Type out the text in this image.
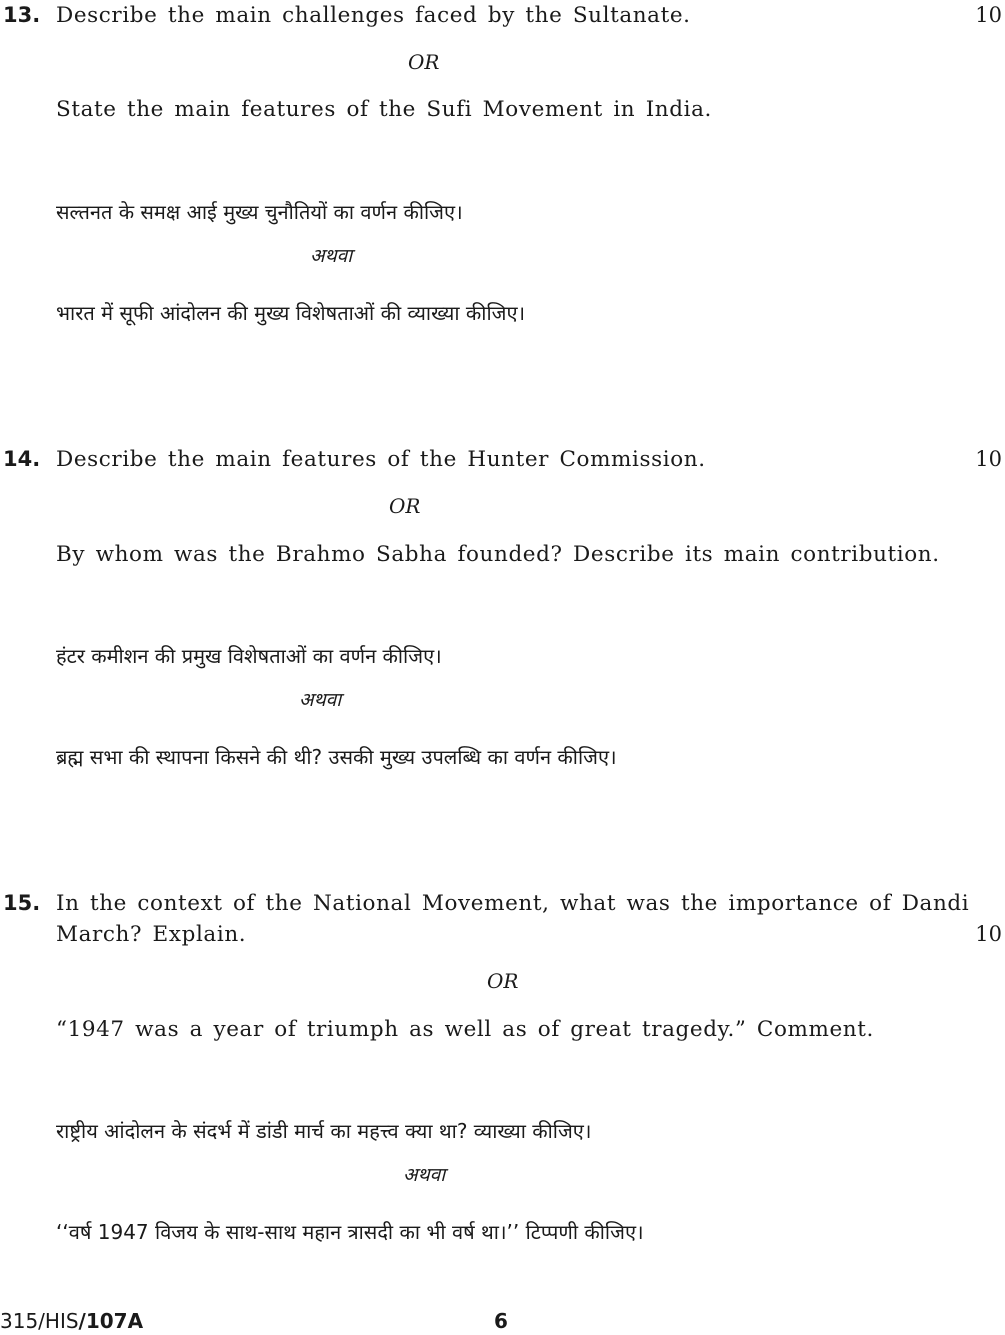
13. Describe the main challenges faced by the Sultanate.	10
OR
State the main features of the Sufi Movement in India.
सल्तनत के समक्ष आई मुख्य चुनौतियों का वर्णन कीजिए।
अथवा
भारत में सूफी आंदोलन की मुख्य विशेषताओं की व्याख्या कीजिए।
14. Describe the main features of the Hunter Commission.	10
OR
By whom was the Brahmo Sabha founded? Describe its main contribution.
हंटर कमीशन की प्रमुख विशेषताओं का वर्णन कीजिए।
अथवा
ब्रह्म सभा की स्थापना किसने की थी? उसकी मुख्य उपलब्धि का वर्णन कीजिए।
15. In the context of the National Movement, what was the importance of Dandi
March? Explain.	10
OR
“1947 was a year of triumph as well as of great tragedy.” Comment.
राष्ट्रीय आंदोलन के संदर्भ में डांडी मार्च का महत्त्व क्या था? व्याख्या कीजिए।
अथवा
‘‘वर्ष 1947 विजय के साथ-साथ महान त्रासदी का भी वर्ष था।’’ टिप्पणी कीजिए।
315/HIS/107A	6
